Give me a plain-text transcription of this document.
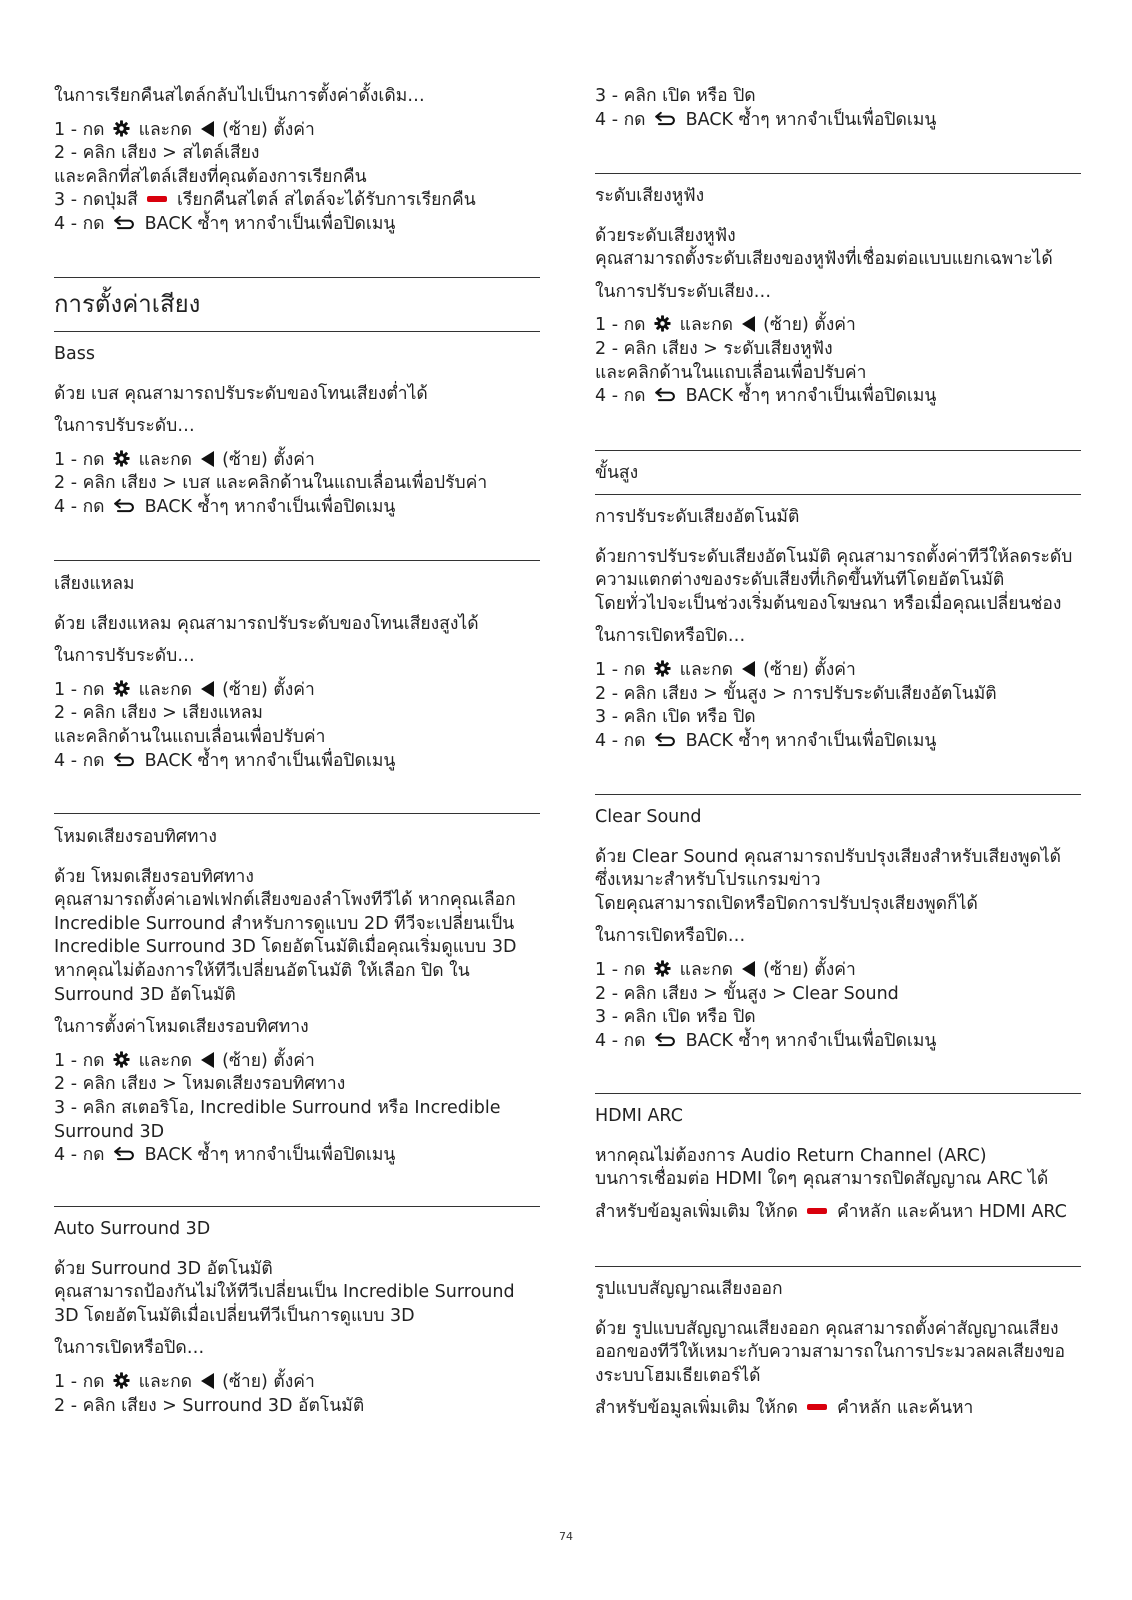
ในการเรียกคืนสไตล์กลับไปเป็นการตั้งค่าดั้งเดิม…

1 - กด  และกด  (ซ้าย) ตั้งค่า

2 - คลิก เสียง > สไตล์เสียง

และคลิกที่สไตล์เสียงที่คุณต้องการเรียกคืน

3 - กดปุ่มสี  เรียกคืนสไตล์ สไตล์จะได้รับการเรียกคืน

4 - กด  BACK ซ้ำๆ หากจำเป็นเพื่อปิดเมนู

การตั้งค่าเสียง

Bass

ด้วย เบส คุณสามารถปรับระดับของโทนเสียงต่ำได้

ในการปรับระดับ…

1 - กด  และกด  (ซ้าย) ตั้งค่า

2 - คลิก เสียง > เบส และคลิกด้านในแถบเลื่อนเพื่อปรับค่า

4 - กด  BACK ซ้ำๆ หากจำเป็นเพื่อปิดเมนู

เสียงแหลม

ด้วย เสียงแหลม คุณสามารถปรับระดับของโทนเสียงสูงได้

ในการปรับระดับ…

1 - กด  และกด  (ซ้าย) ตั้งค่า

2 - คลิก เสียง > เสียงแหลม

และคลิกด้านในแถบเลื่อนเพื่อปรับค่า

4 - กด  BACK ซ้ำๆ หากจำเป็นเพื่อปิดเมนู

โหมดเสียงรอบทิศทาง

ด้วย โหมดเสียงรอบทิศทาง

คุณสามารถตั้งค่าเอฟเฟกต์เสียงของลำโพงทีวีได้ หากคุณเลือก

Incredible Surround สำหรับการดูแบบ 2D ทีวีจะเปลี่ยนเป็น

Incredible Surround 3D โดยอัตโนมัติเมื่อคุณเริ่มดูแบบ 3D

หากคุณไม่ต้องการให้ทีวีเปลี่ยนอัตโนมัติ ให้เลือก ปิด ใน

Surround 3D อัตโนมัติ

ในการตั้งค่าโหมดเสียงรอบทิศทาง

1 - กด  และกด  (ซ้าย) ตั้งค่า

2 - คลิก เสียง > โหมดเสียงรอบทิศทาง

3 - คลิก สเตอริโอ, Incredible Surround หรือ Incredible

Surround 3D

4 - กด  BACK ซ้ำๆ หากจำเป็นเพื่อปิดเมนู

Auto Surround 3D

ด้วย Surround 3D อัตโนมัติ

คุณสามารถป้องกันไม่ให้ทีวีเปลี่ยนเป็น Incredible Surround

3D โดยอัตโนมัติเมื่อเปลี่ยนทีวีเป็นการดูแบบ 3D

ในการเปิดหรือปิด…

1 - กด  และกด  (ซ้าย) ตั้งค่า

2 - คลิก เสียง > Surround 3D อัตโนมัติ

3 - คลิก เปิด หรือ ปิด

4 - กด  BACK ซ้ำๆ หากจำเป็นเพื่อปิดเมนู

ระดับเสียงหูฟัง

ด้วยระดับเสียงหูฟัง

คุณสามารถตั้งระดับเสียงของหูฟังที่เชื่อมต่อแบบแยกเฉพาะได้

ในการปรับระดับเสียง…

1 - กด  และกด  (ซ้าย) ตั้งค่า

2 - คลิก เสียง > ระดับเสียงหูฟัง

และคลิกด้านในแถบเลื่อนเพื่อปรับค่า

4 - กด  BACK ซ้ำๆ หากจำเป็นเพื่อปิดเมนู

ขั้นสูง

การปรับระดับเสียงอัตโนมัติ

ด้วยการปรับระดับเสียงอัตโนมัติ คุณสามารถตั้งค่าทีวีให้ลดระดับ

ความแตกต่างของระดับเสียงที่เกิดขึ้นทันทีโดยอัตโนมัติ

โดยทั่วไปจะเป็นช่วงเริ่มต้นของโฆษณา หรือเมื่อคุณเปลี่ยนช่อง

ในการเปิดหรือปิด…

1 - กด  และกด  (ซ้าย) ตั้งค่า

2 - คลิก เสียง > ขั้นสูง > การปรับระดับเสียงอัตโนมัติ

3 - คลิก เปิด หรือ ปิด

4 - กด  BACK ซ้ำๆ หากจำเป็นเพื่อปิดเมนู

Clear Sound

ด้วย Clear Sound คุณสามารถปรับปรุงเสียงสำหรับเสียงพูดได้

ซึ่งเหมาะสำหรับโปรแกรมข่าว

โดยคุณสามารถเปิดหรือปิดการปรับปรุงเสียงพูดก็ได้

ในการเปิดหรือปิด…

1 - กด  และกด  (ซ้าย) ตั้งค่า

2 - คลิก เสียง > ขั้นสูง > Clear Sound

3 - คลิก เปิด หรือ ปิด

4 - กด  BACK ซ้ำๆ หากจำเป็นเพื่อปิดเมนู

HDMI ARC

หากคุณไม่ต้องการ Audio Return Channel (ARC)

บนการเชื่อมต่อ HDMI ใดๆ คุณสามารถปิดสัญญาณ ARC ได้

สำหรับข้อมูลเพิ่มเติม ให้กด  คำหลัก และค้นหา HDMI ARC

รูปแบบสัญญาณเสียงออก

ด้วย รูปแบบสัญญาณเสียงออก คุณสามารถตั้งค่าสัญญาณเสียง

ออกของทีวีให้เหมาะกับความสามารถในการประมวลผลเสียงขอ

งระบบโฮมเธียเตอร์ได้

สำหรับข้อมูลเพิ่มเติม ให้กด  คำหลัก และค้นหา

74
